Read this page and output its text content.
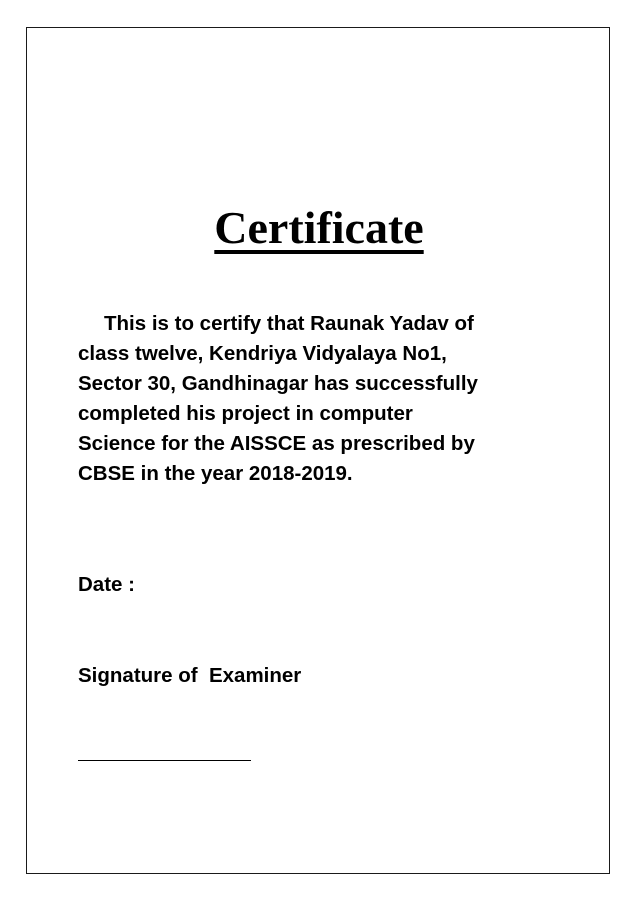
Certificate

This is to certify that Raunak Yadav of
class twelve, Kendriya Vidyalaya No1,
Sector 30, Gandhinagar has successfully
completed his project in computer
Science for the AISSCE as prescribed by
CBSE in the year 2018-2019.

Date :

Signature of  Examiner
